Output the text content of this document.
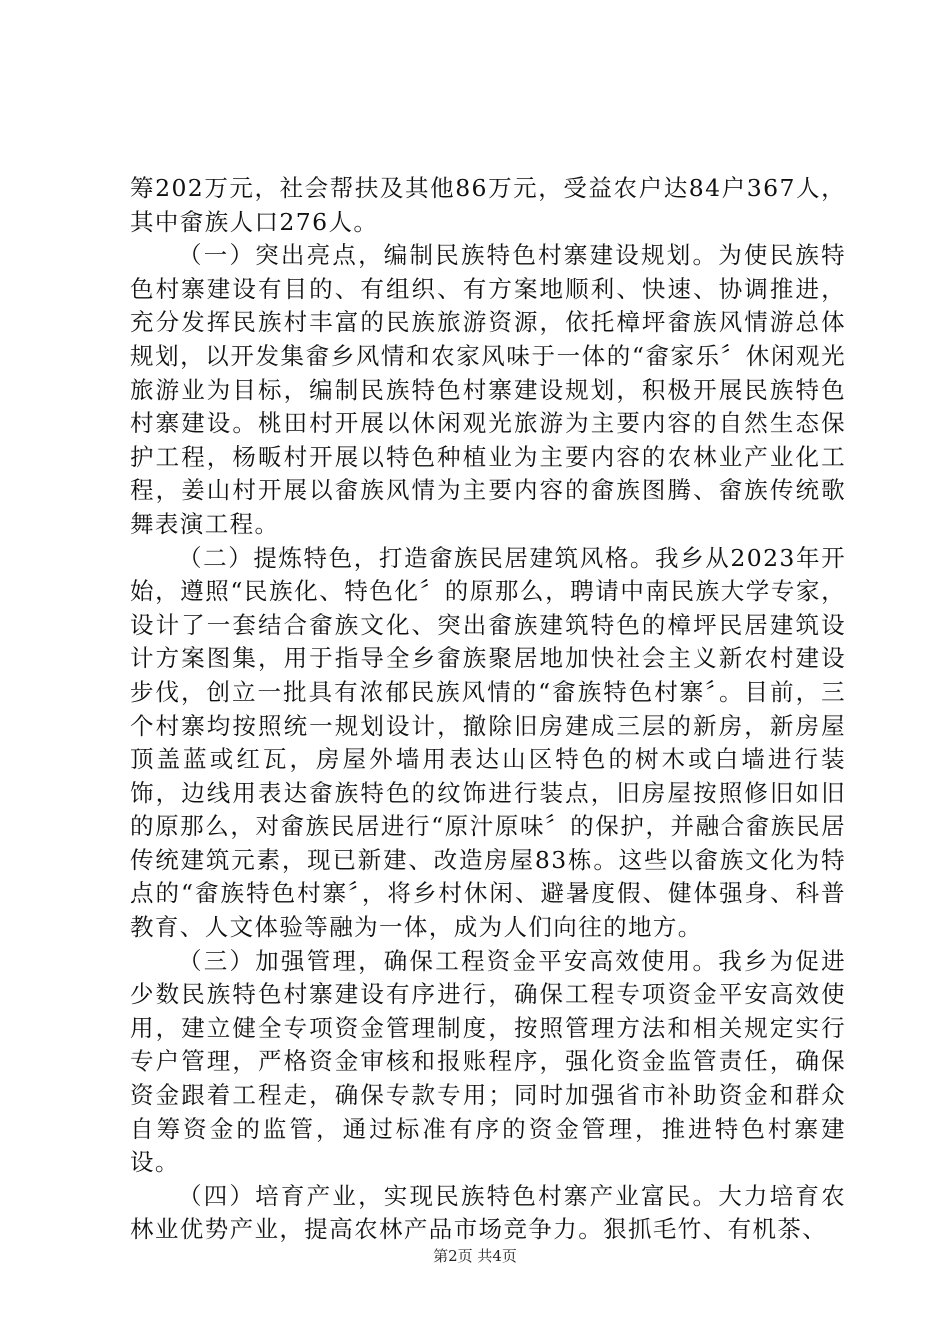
筹202万元，社会帮扶及其他86万元，受益农户达84户367人，其中畲族人口276人。

（一）突出亮点，编制民族特色村寨建设规划。为使民族特色村寨建设有目的、有组织、有方案地顺利、快速、协调推进，充分发挥民族村丰富的民族旅游资源，依托樟坪畲族风情游总体规划，以开发集畲乡风情和农家风味于一体的“畲家乐〞休闲观光旅游业为目标，编制民族特色村寨建设规划，积极开展民族特色村寨建设。桃田村开展以休闲观光旅游为主要内容的自然生态保护工程，杨畈村开展以特色种植业为主要内容的农林业产业化工程，姜山村开展以畲族风情为主要内容的畲族图腾、畲族传统歌舞表演工程。

（二）提炼特色，打造畲族民居建筑风格。我乡从2023年开始，遵照“民族化、特色化〞的原那么，聘请中南民族大学专家，设计了一套结合畲族文化、突出畲族建筑特色的樟坪民居建筑设计方案图集，用于指导全乡畲族聚居地加快社会主义新农村建设步伐，创立一批具有浓郁民族风情的“畲族特色村寨〞。目前，三个村寨均按照统一规划设计，撤除旧房建成三层的新房，新房屋顶盖蓝或红瓦，房屋外墙用表达山区特色的树木或白墙进行装饰，边线用表达畲族特色的纹饰进行装点，旧房屋按照修旧如旧的原那么，对畲族民居进行“原汁原味〞的保护，并融合畲族民居传统建筑元素，现已新建、改造房屋83栋。这些以畲族文化为特点的“畲族特色村寨〞，将乡村休闲、避暑度假、健体强身、科普教育、人文体验等融为一体，成为人们向往的地方。

（三）加强管理，确保工程资金平安高效使用。我乡为促进少数民族特色村寨建设有序进行，确保工程专项资金平安高效使用，建立健全专项资金管理制度，按照管理方法和相关规定实行专户管理，严格资金审核和报账程序，强化资金监管责任，确保资金跟着工程走，确保专款专用；同时加强省市补助资金和群众自筹资金的监管，通过标准有序的资金管理，推进特色村寨建设。

（四）培育产业，实现民族特色村寨产业富民。大力培育农林业优势产业，提高农林产品市场竞争力。狠抓毛竹、有机茶、

第2页 共4页
